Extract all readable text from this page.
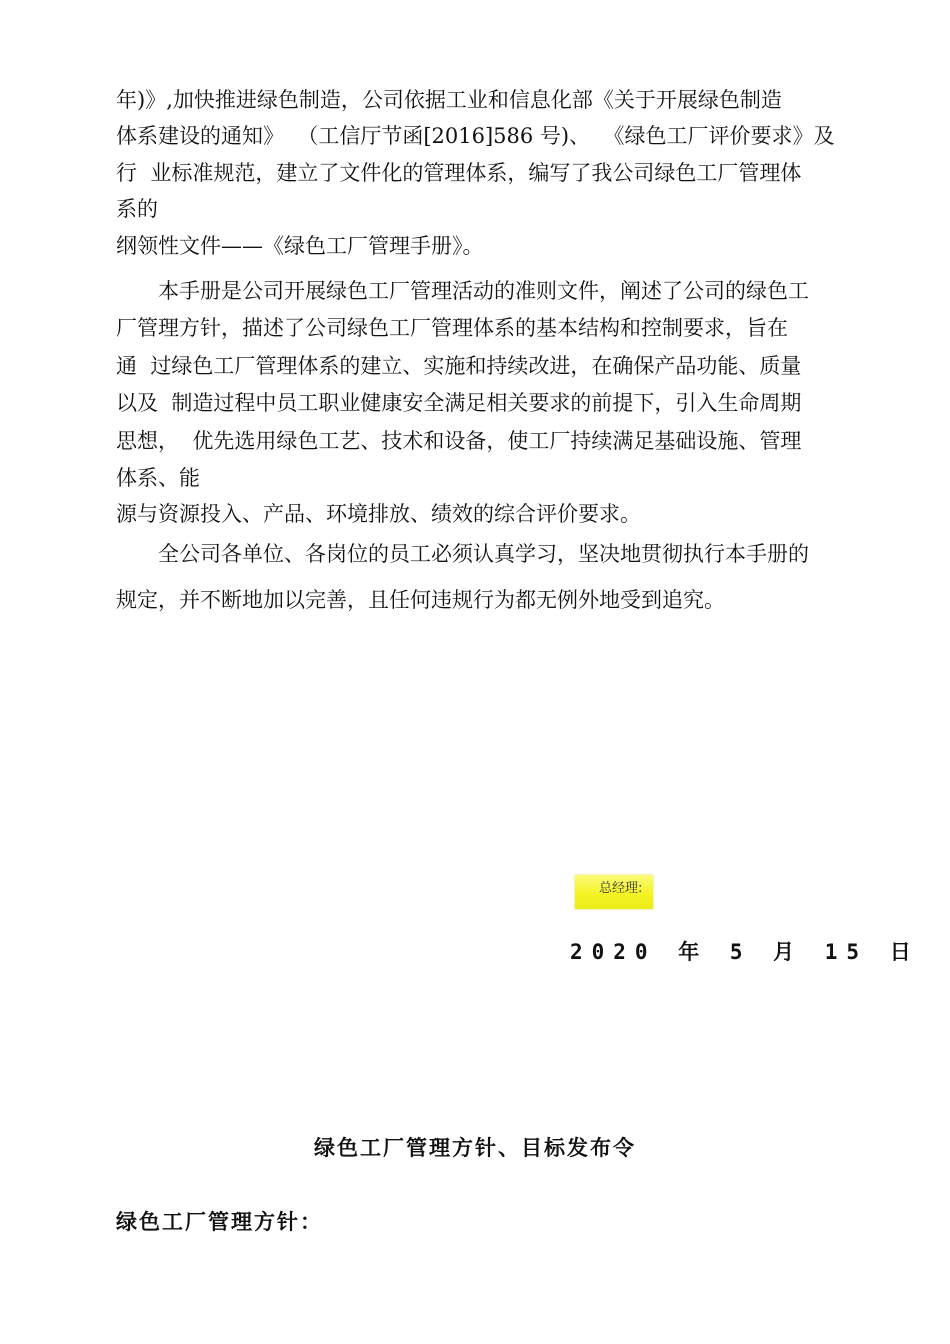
年)》,加快推进绿色制造，公司依据工业和信息化部《关于开展绿色制造
体系建设的通知》  （工信厅节函[2016]586 号)、  《绿色工厂评价要求》及
行  业标准规范，建立了文件化的管理体系，编写了我公司绿色工厂管理体
系的
纲领性文件——《绿色工厂管理手册》。
本手册是公司开展绿色工厂管理活动的准则文件，阐述了公司的绿色工
厂管理方针，描述了公司绿色工厂管理体系的基本结构和控制要求，旨在
通  过绿色工厂管理体系的建立、实施和持续改进，在确保产品功能、质量
以及  制造过程中员工职业健康安全满足相关要求的前提下，引入生命周期
思想，  优先选用绿色工艺、技术和设备，使工厂持续满足基础设施、管理
体系、能
源与资源投入、产品、环境排放、绩效的综合评价要求。
全公司各单位、各岗位的员工必须认真学习，坚决地贯彻执行本手册的
规定，并不断地加以完善，且任何违规行为都无例外地受到追究。
总经理:
2020 年 5 月 15 日
绿色工厂管理方针、目标发布令
绿色工厂管理方针：
